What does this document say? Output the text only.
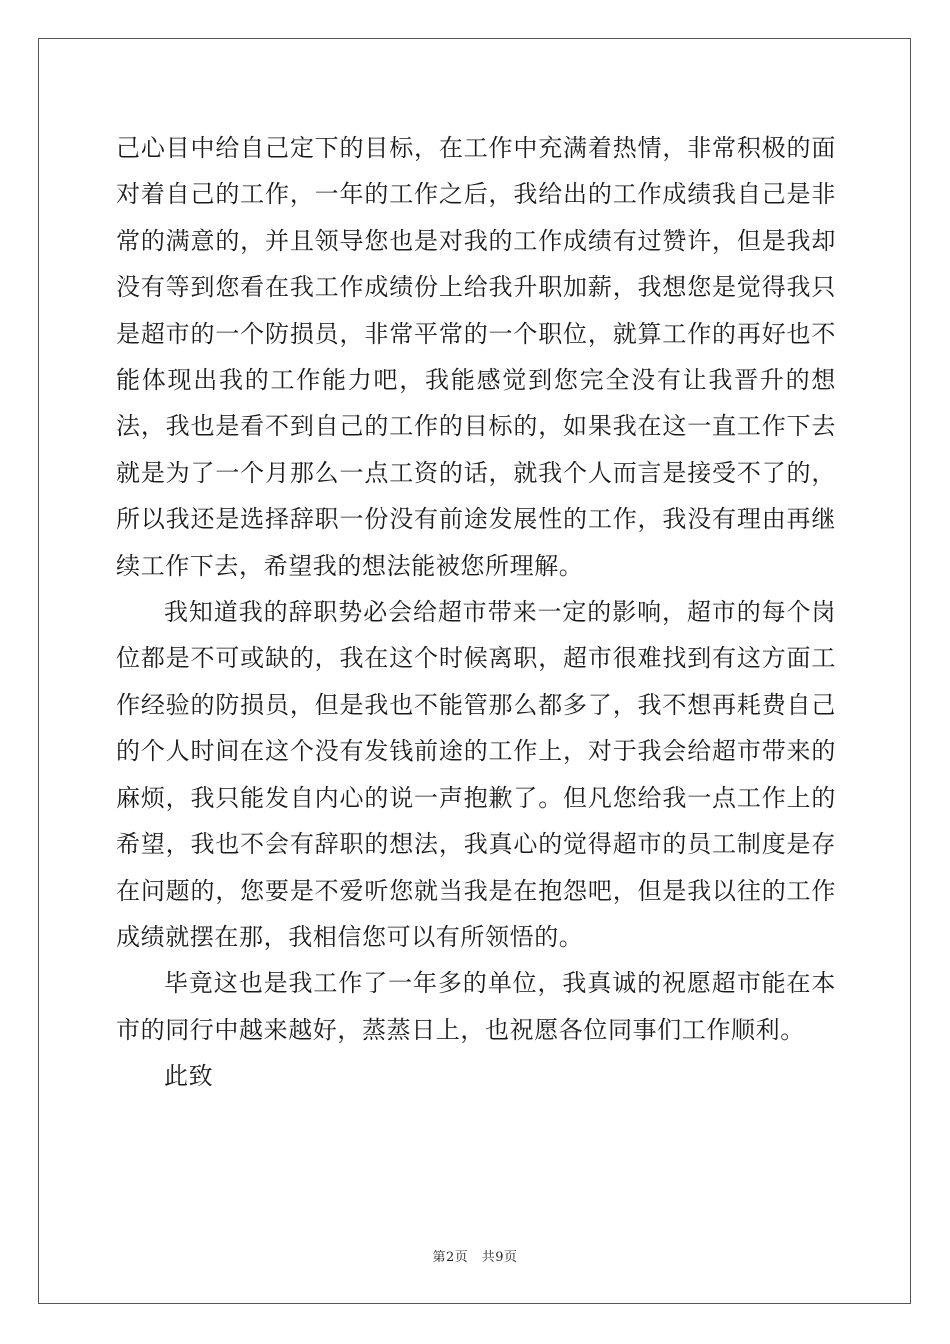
己心目中给自己定下的目标，在工作中充满着热情，非常积极的面对着自己的工作，一年的工作之后，我给出的工作成绩我自己是非常的满意的，并且领导您也是对我的工作成绩有过赞许，但是我却没有等到您看在我工作成绩份上给我升职加薪，我想您是觉得我只是超市的一个防损员，非常平常的一个职位，就算工作的再好也不能体现出我的工作能力吧，我能感觉到您完全没有让我晋升的想法，我也是看不到自己的工作的目标的，如果我在这一直工作下去就是为了一个月那么一点工资的话，就我个人而言是接受不了的，所以我还是选择辞职一份没有前途发展性的工作，我没有理由再继续工作下去，希望我的想法能被您所理解。

我知道我的辞职势必会给超市带来一定的影响，超市的每个岗位都是不可或缺的，我在这个时候离职，超市很难找到有这方面工作经验的防损员，但是我也不能管那么都多了，我不想再耗费自己的个人时间在这个没有发钱前途的工作上，对于我会给超市带来的麻烦，我只能发自内心的说一声抱歉了。但凡您给我一点工作上的希望，我也不会有辞职的想法，我真心的觉得超市的员工制度是存在问题的，您要是不爱听您就当我是在抱怨吧，但是我以往的工作成绩就摆在那，我相信您可以有所领悟的。

毕竟这也是我工作了一年多的单位，我真诚的祝愿超市能在本市的同行中越来越好，蒸蒸日上，也祝愿各位同事们工作顺利。

此致

第2页　共9页
